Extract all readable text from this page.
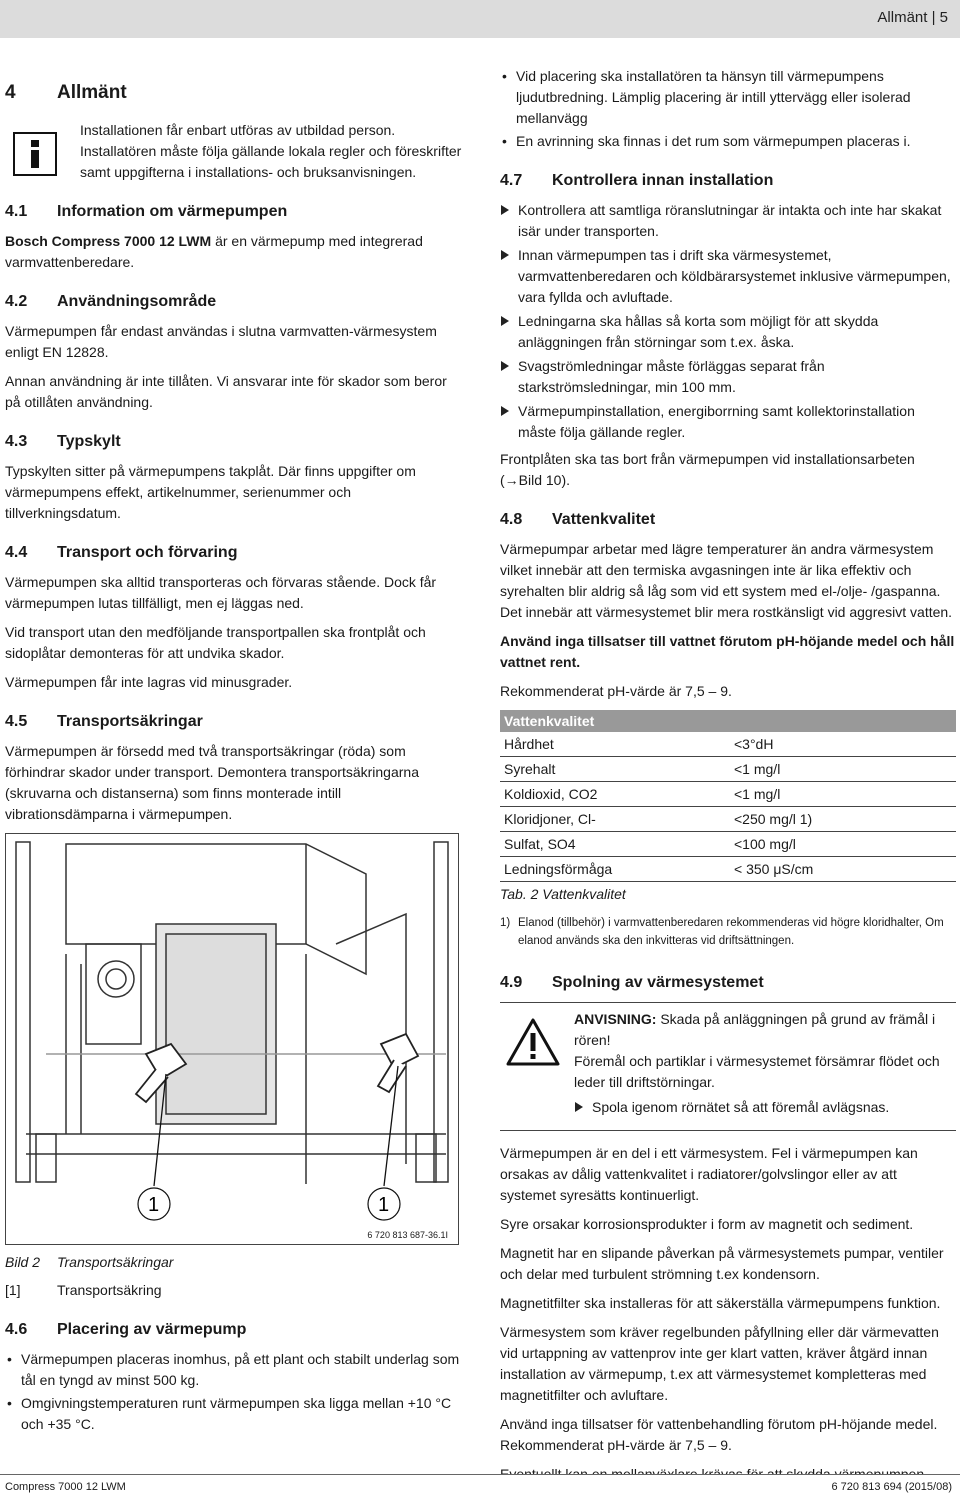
Allmänt | 5
4 Allmänt

Installationen får enbart utföras av utbildad person. Installatören måste följa gällande lokala regler och föreskrifter samt uppgifterna i installations- och bruksanvisningen.

4.1 Information om värmepumpen

Bosch Compress 7000 12 LWM är en värmepump med integrerad varmvattenberedare.

4.2 Användningsområde

Värmepumpen får endast användas i slutna varmvatten-värmesystem enligt EN 12828.

Annan användning är inte tillåten. Vi ansvarar inte för skador som beror på otillåten användning.

4.3 Typskylt

Typskylten sitter på värmepumpens takplåt. Där finns uppgifter om värmepumpens effekt, artikelnummer, serienummer och tillverkningsdatum.

4.4 Transport och förvaring

Värmepumpen ska alltid transporteras och förvaras stående. Dock får värmepumpen lutas tillfälligt, men ej läggas ned.

Vid transport utan den medföljande transportpallen ska frontplåt och sidoplåtar demonteras för att undvika skador.

Värmepumpen får inte lagras vid minusgrader.

4.5 Transportsäkringar

Värmepumpen är försedd med två transportsäkringar (röda) som förhindrar skador under transport. Demontera transportsäkringarna (skruvarna och distanserna) som finns monterade intill vibrationsdämparna i värmepumpen.

1	1
6 720 813 687-36.1I
Bild 2 Transportsäkringar
[1]	Transportsäkring
4.6 Placering av värmepump
• Värmepumpen placeras inomhus, på ett plant och stabilt underlag som tål en tyngd av minst 500 kg.
• Omgivningstemperaturen runt värmepumpen ska ligga mellan +10 °C och +35 °C.
• Vid placering ska installatören ta hänsyn till värmepumpens ljudutbredning. Lämplig placering är intill yttervägg eller isolerad mellanvägg
• En avrinning ska finnas i det rum som värmepumpen placeras i.
4.7 Kontrollera innan installation
Kontrollera att samtliga röranslutningar är intakta och inte har skakat isär under transporten.
Innan värmepumpen tas i drift ska värmesystemet, varmvattenberedaren och köldbärarsystemet inklusive värmepumpen, vara fyllda och avluftade.
Ledningarna ska hållas så korta som möjligt för att skydda anläggningen från störningar som t.ex. åska.
Svagströmledningar måste förläggas separat från starkströmsledningar, min 100 mm.
Värmepumpinstallation, energiborrning samt kollektorinstallation måste följa gällande regler.

Frontplåten ska tas bort från värmepumpen vid installationsarbeten (→Bild 10).

4.8 Vattenkvalitet

Värmepumpar arbetar med lägre temperaturer än andra värmesystem vilket innebär att den termiska avgasningen inte är lika effektiv och syrehalten blir aldrig så låg som vid ett system med el-/olje- /gaspanna. Det innebär att värmesystemet blir mera rostkänsligt vid aggresivt vatten.

Använd inga tillsatser till vattnet förutom pH-höjande medel och håll vattnet rent.

Rekommenderat pH-värde är 7,5 – 9.

Vattenkvalitet	
Hårdhet	<3°dH
Syrehalt	<1 mg/l
Koldioxid, CO2	<1 mg/l
Kloridjoner, Cl-	<250 mg/l 1)
Sulfat, SO4	<100 mg/l
Ledningsförmåga	< 350 μS/cm
Tab. 2 Vattenkvalitet

1) Elanod (tillbehör) i varmvattenberedaren rekommenderas vid högre kloridhalter, Om elanod används ska den inkvitteras vid driftsättningen.

4.9 Spolning av värmesystemet

ANVISNING: Skada på anläggningen på grund av främål i rören!

Föremål och partiklar i värmesystemet försämrar flödet och leder till driftstörningar.

Spola igenom rörnätet så att föremål avlägsnas.

Värmepumpen är en del i ett värmesystem. Fel i värmepumpen kan orsakas av dålig vattenkvalitet i radiatorer/golvslingor eller av att systemet syresätts kontinuerligt.

Syre orsakar korrosionsprodukter i form av magnetit och sediment.

Magnetit har en slipande påverkan på värmesystemets pumpar, ventiler och delar med turbulent strömning t.ex kondensorn.

Magnetitfilter ska installeras för att säkerställa värmepumpens funktion.

Värmesystem som kräver regelbunden påfyllning eller där värmevatten vid urtappning av vattenprov inte ger klart vatten, kräver åtgärd innan installation av värmepump, t.ex att värmesystemet kompletteras med magnetitfilter och avluftare.

Använd inga tillsatser för vattenbehandling förutom pH-höjande medel. Rekommenderat pH-värde är 7,5 – 9.

Compress 7000 12 LWM	6 720 813 694 (2015/08)
